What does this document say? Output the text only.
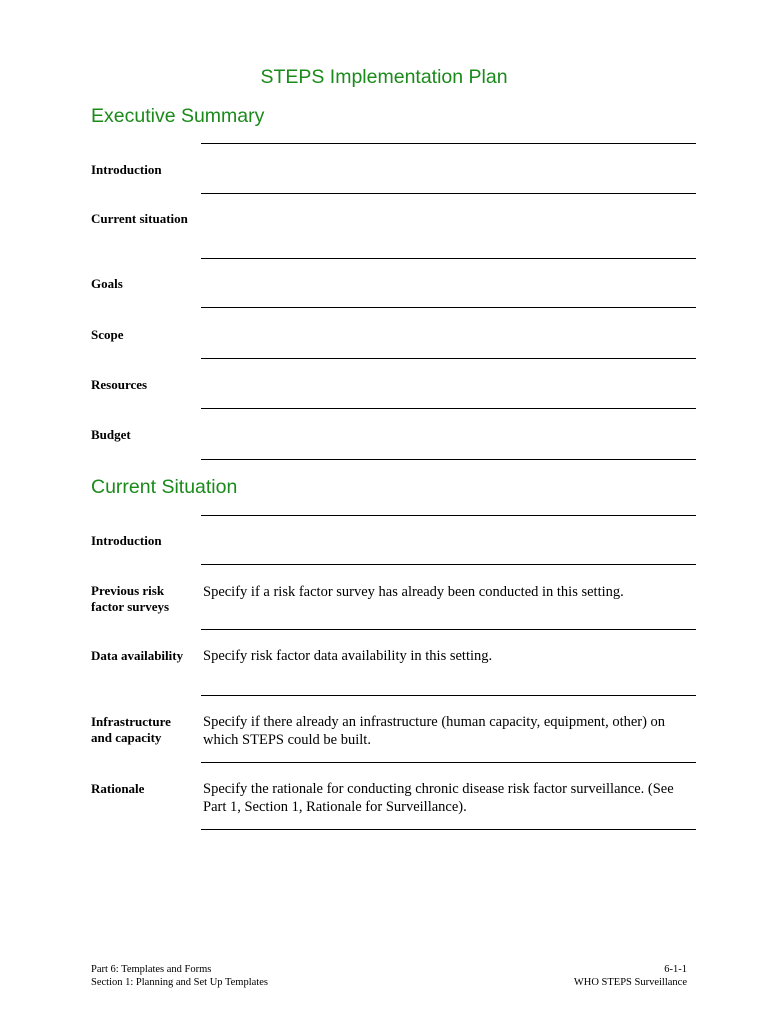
STEPS Implementation Plan
Executive Summary
Introduction
Current situation
Goals
Scope
Resources
Budget
Current Situation
Introduction
Previous risk factor surveys
Specify if a risk factor survey has already been conducted in this setting.
Data availability	Specify risk factor data availability in this setting.
Infrastructure and capacity
Specify if there already an infrastructure (human capacity, equipment, other) on which STEPS could be built.
Rationale	Specify the rationale for conducting chronic disease risk factor surveillance. (See Part 1, Section 1, Rationale for Surveillance).
Part 6: Templates and Forms
Section 1: Planning and Set Up Templates
6-1-1
WHO STEPS Surveillance
